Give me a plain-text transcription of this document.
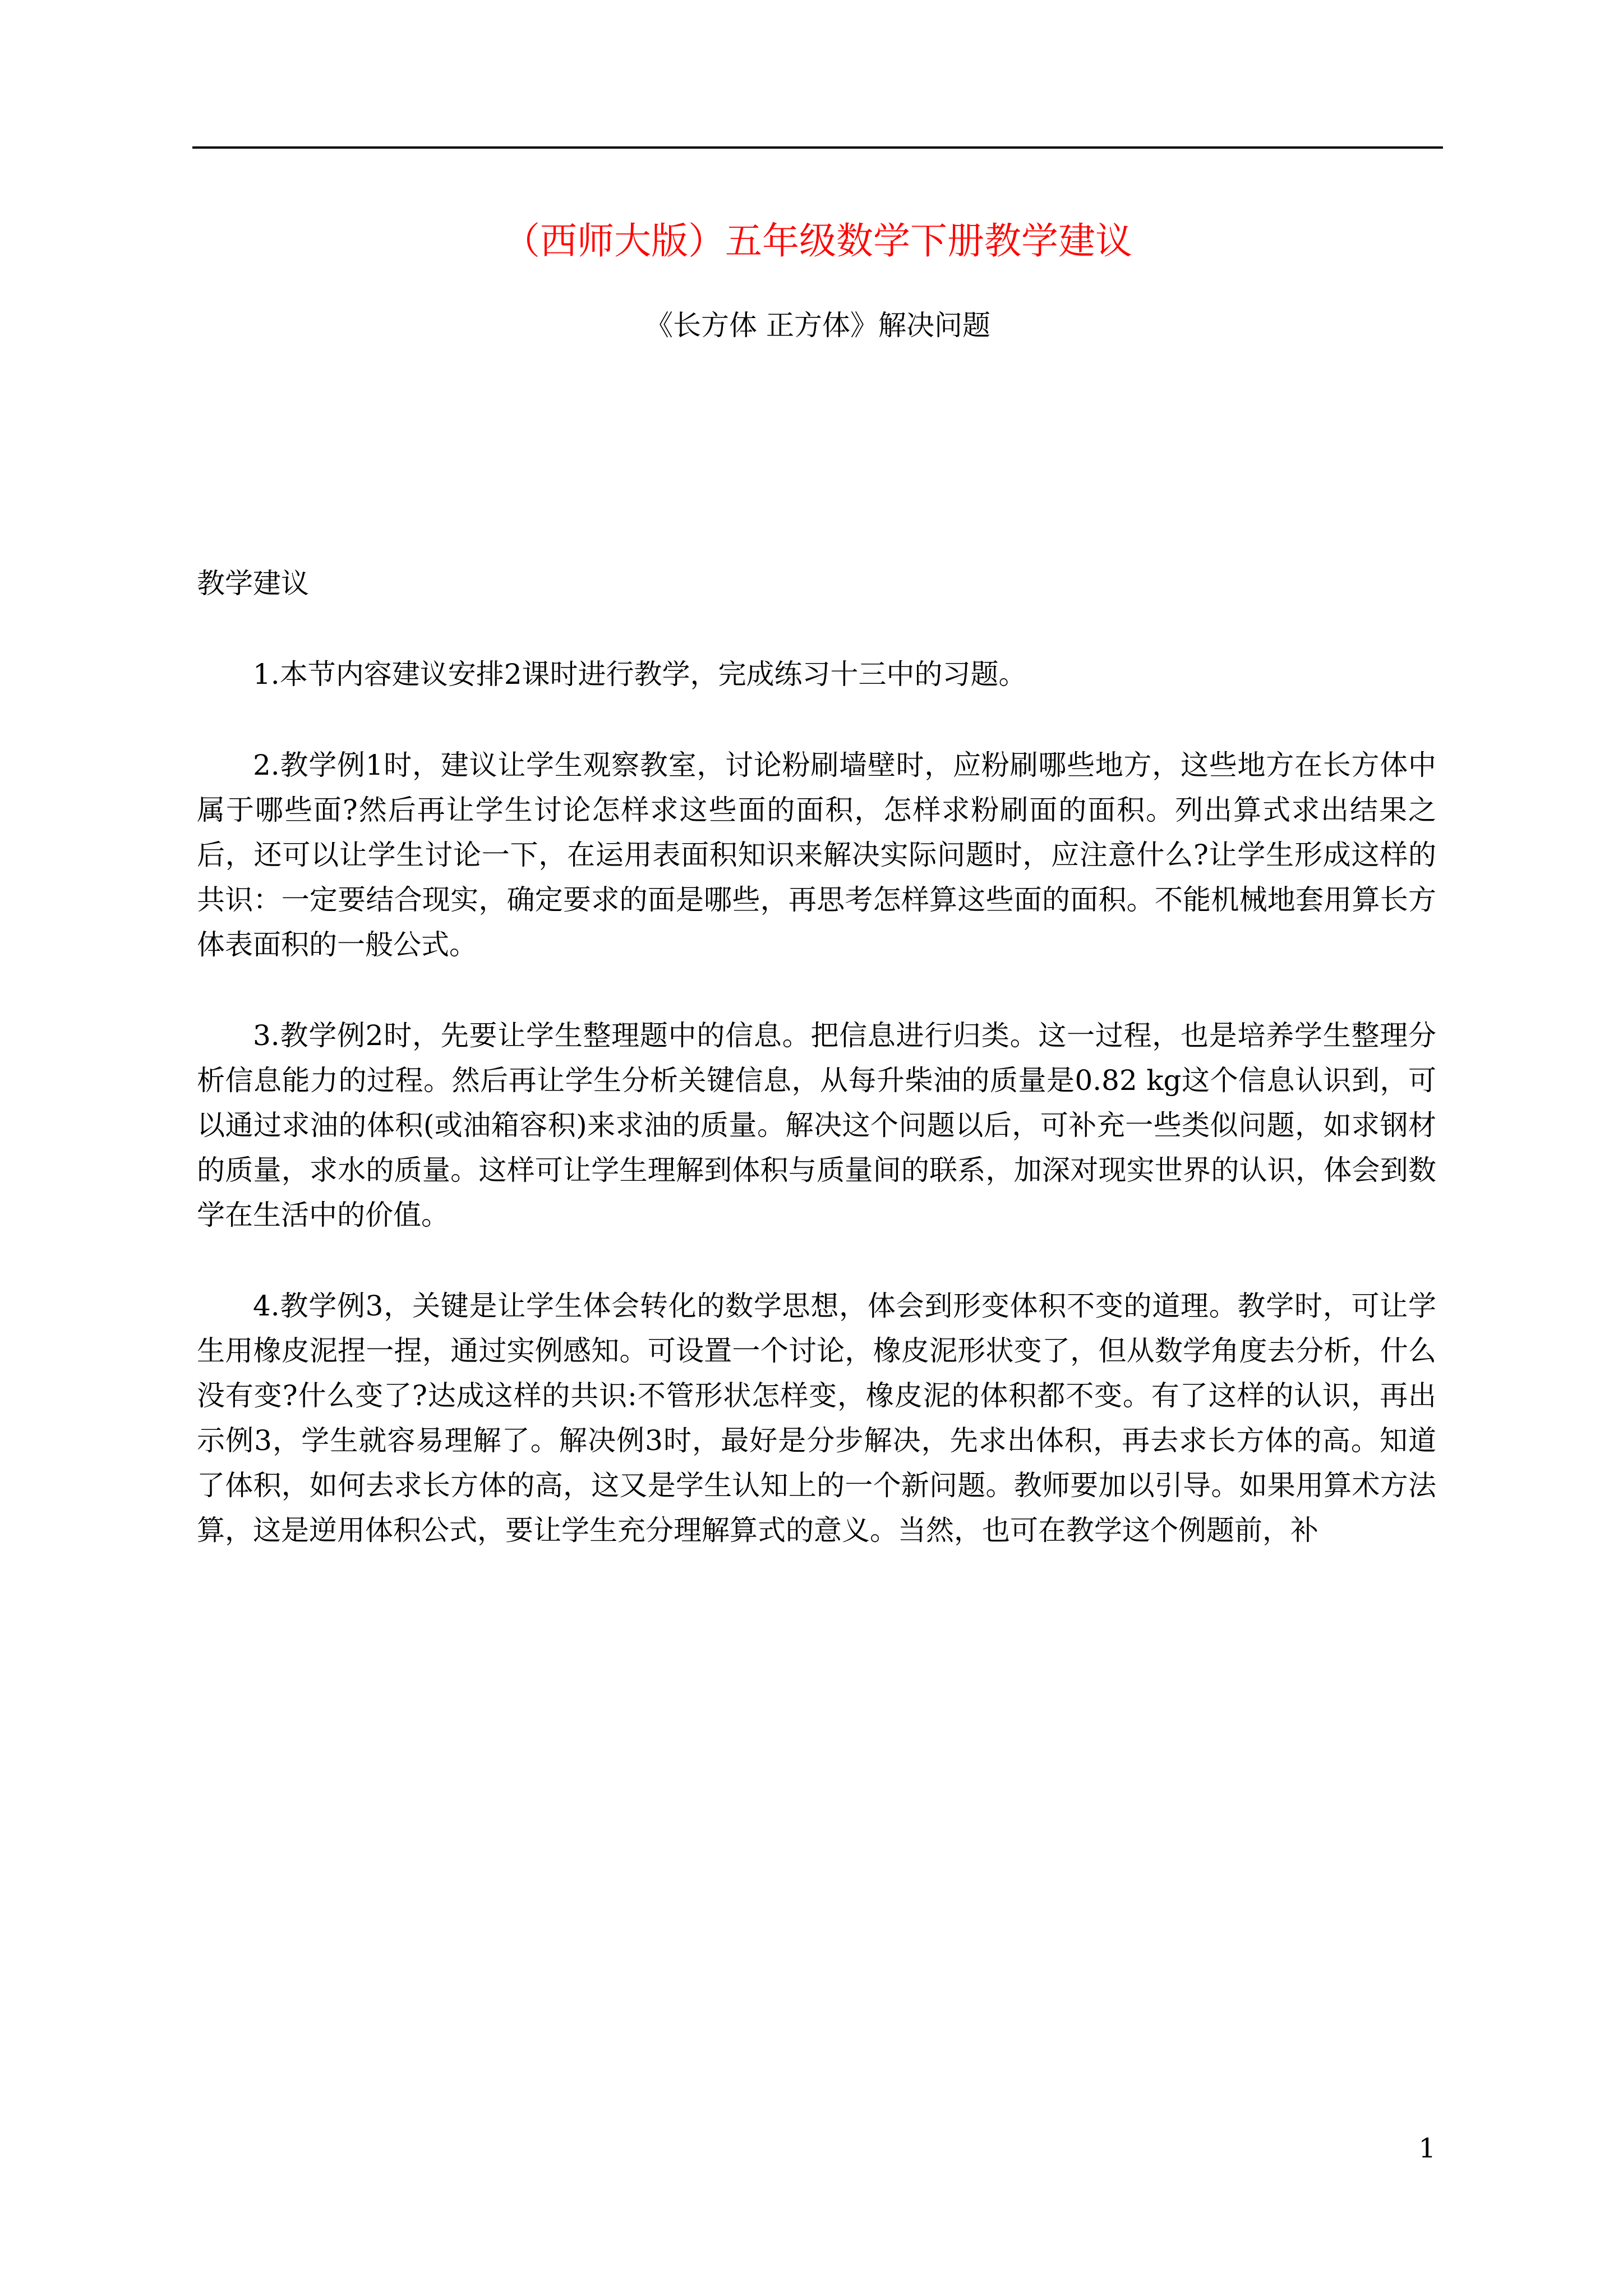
（西师大版）五年级数学下册教学建议
《长方体 正方体》解决问题

教学建议

1.本节内容建议安排2课时进行教学，完成练习十三中的习题。

2.教学例1时，建议让学生观察教室，讨论粉刷墙壁时，应粉刷哪些地方，这些地方在长方体中属于哪些面?然后再让学生讨论怎样求这些面的面积，怎样求粉刷面的面积。列出算式求出结果之后，还可以让学生讨论一下，在运用表面积知识来解决实际问题时，应注意什么?让学生形成这样的共识：一定要结合现实，确定要求的面是哪些，再思考怎样算这些面的面积。不能机械地套用算长方体表面积的一般公式。

3.教学例2时，先要让学生整理题中的信息。把信息进行归类。这一过程，也是培养学生整理分析信息能力的过程。然后再让学生分析关键信息，从每升柴油的质量是0.82 kg这个信息认识到，可以通过求油的体积(或油箱容积)来求油的质量。解决这个问题以后，可补充一些类似问题，如求钢材的质量，求水的质量。这样可让学生理解到体积与质量间的联系，加深对现实世界的认识，体会到数学在生活中的价值。

4.教学例3，关键是让学生体会转化的数学思想，体会到形变体积不变的道理。教学时，可让学生用橡皮泥捏一捏，通过实例感知。可设置一个讨论，橡皮泥形状变了，但从数学角度去分析，什么没有变?什么变了?达成这样的共识:不管形状怎样变，橡皮泥的体积都不变。有了这样的认识，再出示例3，学生就容易理解了。解决例3时，最好是分步解决，先求出体积，再去求长方体的高。知道了体积，如何去求长方体的高，这又是学生认知上的一个新问题。教师要加以引导。如果用算术方法算，这是逆用体积公式，要让学生充分理解算式的意义。当然，也可在教学这个例题前，补

1
